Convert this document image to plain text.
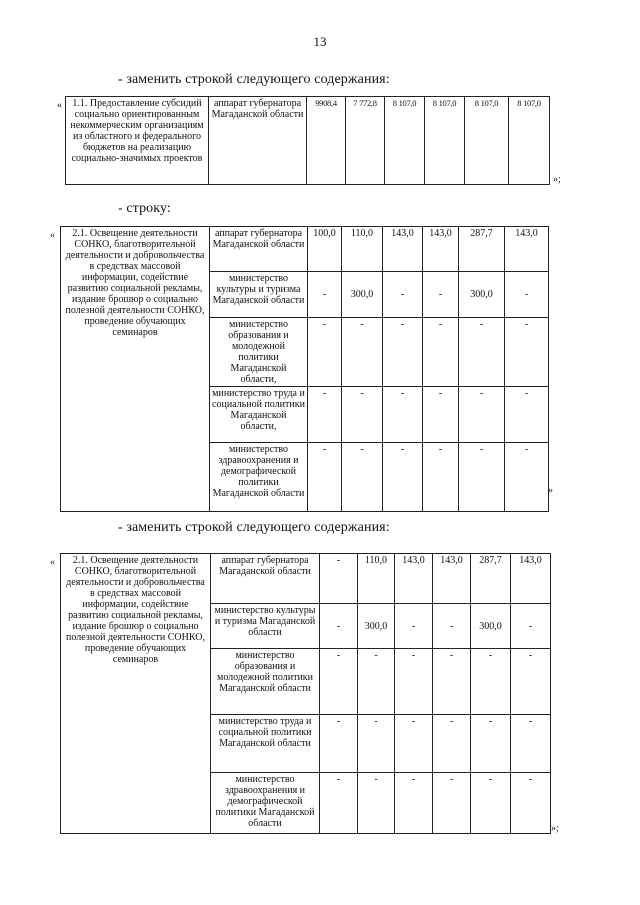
13
- заменить строкой следующего содержания:
« 1.1. Предоставление субсидий социально ориентированным некоммерческим организациям из областного и федерального бюджетов на реализацию социально-значимых проектов	аппарат губернатора Магаданской области	9908,4	7 772,8	8 107,0	8 107,0	8 107,0	8 107,0
»;
- строку:
« 2.1. Освещение деятельности СОНКО, благотворительной деятельности и добровольчества в средствах массовой информации, содействие развитию социальной рекламы, издание брошюр о социально полезной деятельности СОНКО, проведение обучающих семинаров	аппарат губернатора Магаданской области	100,0	110,0	143,0	143,0	287,7	143,0
	министерство культуры и туризма Магаданской области	-	300,0	-	-	300,0	-
	министерство образования и молодежной политики Магаданской области,	-	-	-	-	-	-
	министерство труда и социальной политики Магаданской области,	-	-	-	-	-	-
	министерство здравоохранения и демографической политики Магаданской области	-	-	-	-	-	-
»
- заменить строкой следующего содержания:
« 2.1. Освещение деятельности СОНКО, благотворительной деятельности и добровольчества в средствах массовой информации, содействие развитию социальной рекламы, издание брошюр о социально полезной деятельности СОНКО, проведение обучающих семинаров	аппарат губернатора Магаданской области	-	110,0	143,0	143,0	287,7	143,0
	министерство культуры и туризма Магаданской области	-	300,0	-	-	300,0	-
	министерство образования и молодежной политики Магаданской области	-	-	-	-	-	-
	министерство труда и социальной политики Магаданской области	-	-	-	-	-	-
	министерство здравоохранения и демографической политики Магаданской области	-	-	-	-	-	-
»;
